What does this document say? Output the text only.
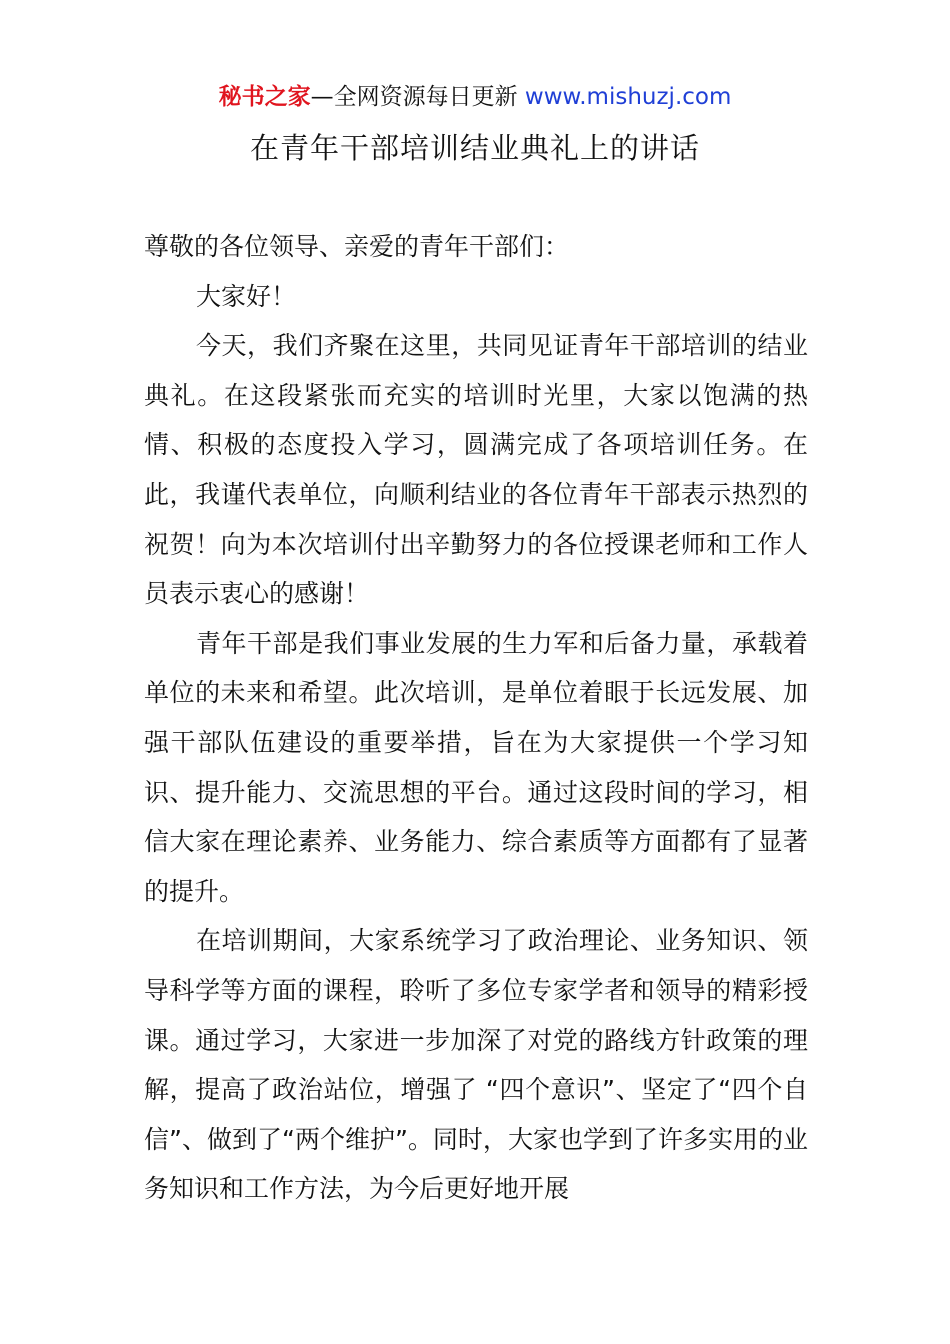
秘书之家—全网资源每日更新 www.mishuzj.com
在青年干部培训结业典礼上的讲话

尊敬的各位领导、亲爱的青年干部们：

大家好！

今天，我们齐聚在这里，共同见证青年干部培训的结业典礼。在这段紧张而充实的培训时光里，大家以饱满的热情、积极的态度投入学习，圆满完成了各项培训任务。在此，我谨代表单位，向顺利结业的各位青年干部表示热烈的祝贺！向为本次培训付出辛勤努力的各位授课老师和工作人员表示衷心的感谢！

青年干部是我们事业发展的生力军和后备力量，承载着单位的未来和希望。此次培训，是单位着眼于长远发展、加强干部队伍建设的重要举措，旨在为大家提供一个学习知识、提升能力、交流思想的平台。通过这段时间的学习，相信大家在理论素养、业务能力、综合素质等方面都有了显著的提升。

在培训期间，大家系统学习了政治理论、业务知识、领导科学等方面的课程，聆听了多位专家学者和领导的精彩授课。通过学习，大家进一步加深了对党的路线方针政策的理解，提高了政治站位，增强了 “四个意识”、坚定了“四个自信”、做到了“两个维护”。同时，大家也学到了许多实用的业务知识和工作方法，为今后更好地开展
